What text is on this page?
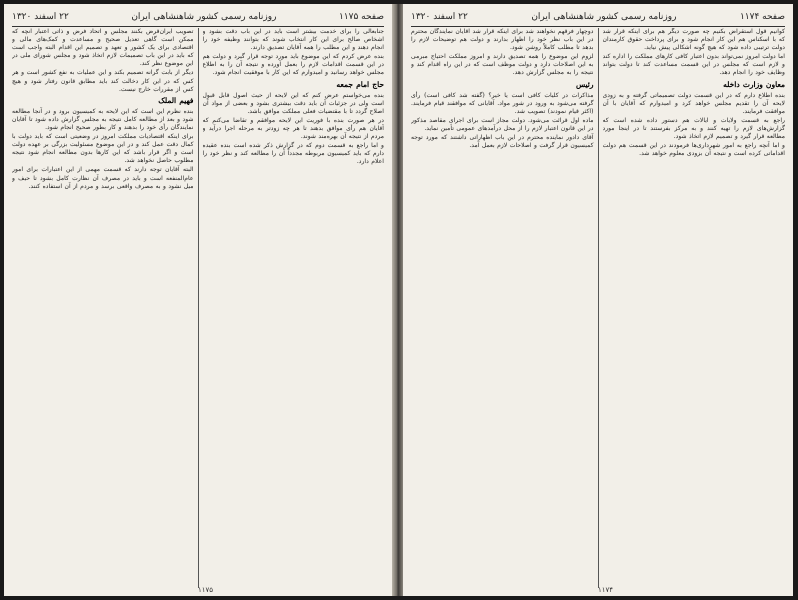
صفحه ۱۱۷۵
روزنامه رسمی کشور شاهنشاهی ایران
۲۲ اسفند ۱۳۲۰

جنابعالی را برای خدمت بیشتر است باید در این باب دقت بشود و اشخاص صالح برای این کار انتخاب شوند که بتوانند وظیفه خود را انجام دهند و این مطلب را همه آقایان تصدیق دارند.

بنده عرض کردم که این موضوع باید مورد توجه قرار گیرد و دولت هم در این قسمت اقدامات لازم را بعمل آورده و نتیجه آن را به اطلاع مجلس خواهد رسانید و امیدوارم که این کار با موفقیت انجام شود.

حاج امام جمعه

بنده می‌خواستم عرض کنم که این لایحه از حیث اصول قابل قبول است ولی در جزئیات آن باید دقت بیشتری بشود و بعضی از مواد آن اصلاح گردد تا با مقتضیات فعلی مملکت موافق باشد.

در هر صورت بنده با فوریت این لایحه موافقم و تقاضا می‌کنم که آقایان هم رأی موافق بدهند تا هر چه زودتر به مرحله اجرا درآید و مردم از نتیجه آن بهره‌مند شوند.

و اما راجع به قسمت دوم که در گزارش ذکر شده است بنده عقیده دارم که باید کمیسیون مربوطه مجدداً آن را مطالعه کند و نظر خود را اعلام دارد.

تصویب ایران‌قرض بکنند مجلس و اتحاد فرض و ذاتی اعتبار آنچه که ممکن است گاهی تعدیل صحیح و مساعدت و کمک‌های مالی و اقتصادی برای یک کشور و تعهد و تصمیم این اقدام البته واجب است که باید در این باب تصمیمات لازم اتخاذ شود و مجلس شورای ملی در این موضوع نظر کند.

دیگر از بابت گرانه تصمیم بکند و این عملیات به نفع کشور است و هر کس که در این کار دخالت کند باید مطابق قانون رفتار شود و هیچ کس از مقررات خارج نیست.

فهیم الملک

بنده نظرم این است که این لایحه به کمیسیون برود و در آنجا مطالعه شود و بعد از مطالعه کامل نتیجه به مجلس گزارش داده شود تا آقایان نمایندگان رأی خود را بدهند و کار بطور صحیح انجام شود.

برای اینکه اقتصادیات مملکت امروز در وضعیتی است که باید دولت با کمال دقت عمل کند و در این موضوع مسئولیت بزرگی بر عهده دولت است و اگر قرار باشد که این کارها بدون مطالعه انجام شود نتیجه مطلوب حاصل نخواهد شد.

البته آقایان توجه دارند که قسمت مهمی از این اعتبارات برای امور عام‌المنفعه است و باید در مصرف آن نظارت کامل بشود تا حیف و میل نشود و به مصرف واقعی برسد و مردم از آن استفاده کنند.

۱۱۷۵
صفحه ۱۱۷۴
روزنامه رسمی کشور شاهنشاهی ایران
۲۲ اسفند ۱۳۲۰

کوانیم قول استقراض بکنیم چه صورت دیگر هم برای اینکه قرار شد که با اسکناس هم این کار انجام شود و برای پرداخت حقوق کارمندان دولت ترتیبی داده شود که هیچ گونه اشکالی پیش نیاید.

اما دولت امروز نمی‌تواند بدون اعتبار کافی کارهای مملکت را اداره کند و لازم است که مجلس در این قسمت مساعدت کند تا دولت بتواند وظایف خود را انجام دهد.

معاون وزارت داخله

بنده اطلاع دارم که در این قسمت دولت تصمیماتی گرفته و به زودی لایحه آن را تقدیم مجلس خواهد کرد و امیدوارم که آقایان با آن موافقت فرمایند.

راجع به قسمت ولایات و ایالات هم دستور داده شده است که گزارش‌های لازم را تهیه کنند و به مرکز بفرستند تا در اینجا مورد مطالعه قرار گیرد و تصمیم لازم اتخاذ شود.

و اما آنچه راجع به امور شهرداری‌ها فرمودند در این قسمت هم دولت اقداماتی کرده است و نتیجه آن بزودی معلوم خواهد شد.

دوچهار فرقهم نخواهند شد برای اینکه قرار شد آقایان نمایندگان محترم در این باب نظر خود را اظهار بدارند و دولت هم توضیحات لازم را بدهد تا مطلب کاملاً روشن شود.

لزوم این موضوع را همه تصدیق دارند و امروز مملکت احتیاج مبرمی به این اصلاحات دارد و دولت موظف است که در این راه اقدام کند و نتیجه را به مجلس گزارش دهد.

رئیس

مذاکرات در کلیات کافی است یا خیر؟ (گفته شد کافی است) رأی گرفته می‌شود به ورود در شور مواد. آقایانی که موافقند قیام فرمایند. (اکثر قیام نمودند) تصویب شد.

ماده اول قرائت می‌شود. دولت مجاز است برای اجرای مقاصد مذکور در این قانون اعتبار لازم را از محل درآمدهای عمومی تأمین نماید.

آقای دادور نماینده محترم در این باب اظهاراتی داشتند که مورد توجه کمیسیون قرار گرفت و اصلاحات لازم بعمل آمد.

۱۱۷۴
